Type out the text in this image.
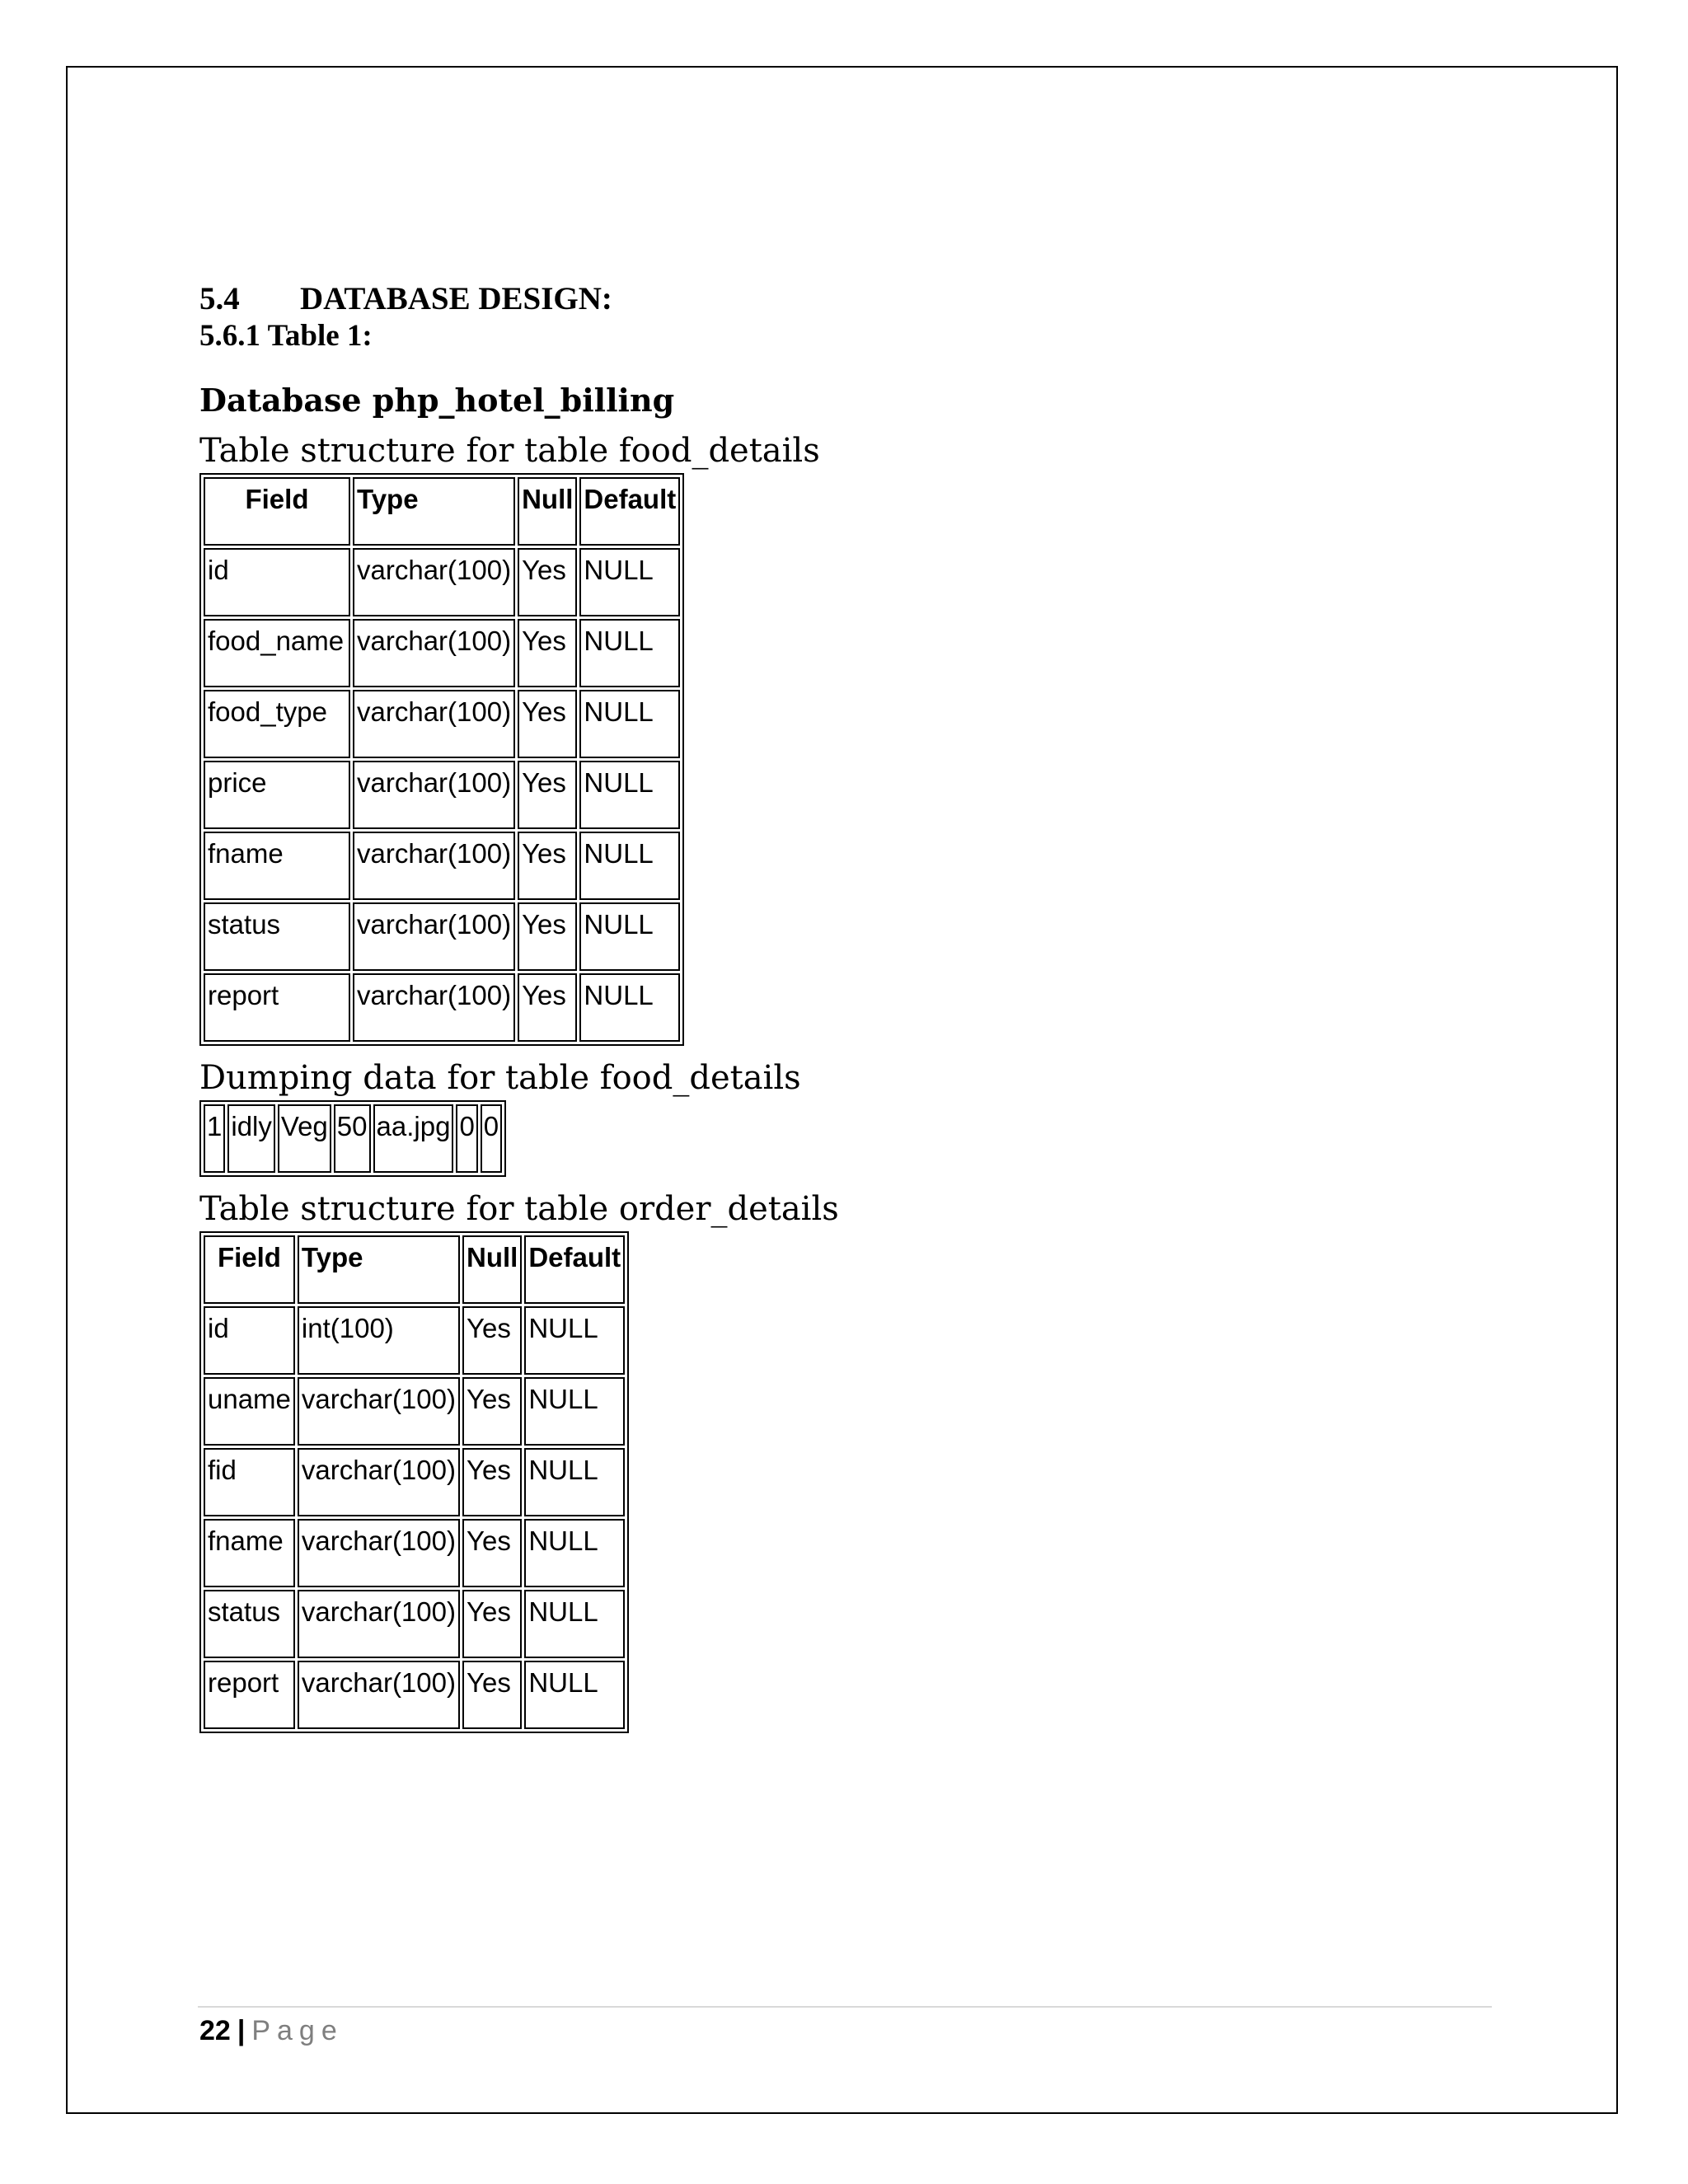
5.4 DATABASE DESIGN:

5.6.1 Table 1:

Database php_hotel_billing

Table structure for table food_details

Field	Type	Null	Default
id	varchar(100)	Yes	NULL
food_name	varchar(100)	Yes	NULL
food_type	varchar(100)	Yes	NULL
price	varchar(100)	Yes	NULL
fname	varchar(100)	Yes	NULL
status	varchar(100)	Yes	NULL
report	varchar(100)	Yes	NULL

Dumping data for table food_details

1	idly	Veg	50	aa.jpg	0	0

Table structure for table order_details

Field	Type	Null	Default
id	int(100)	Yes	NULL
uname	varchar(100)	Yes	NULL
fid	varchar(100)	Yes	NULL
fname	varchar(100)	Yes	NULL
status	varchar(100)	Yes	NULL
report	varchar(100)	Yes	NULL
22 | Page
